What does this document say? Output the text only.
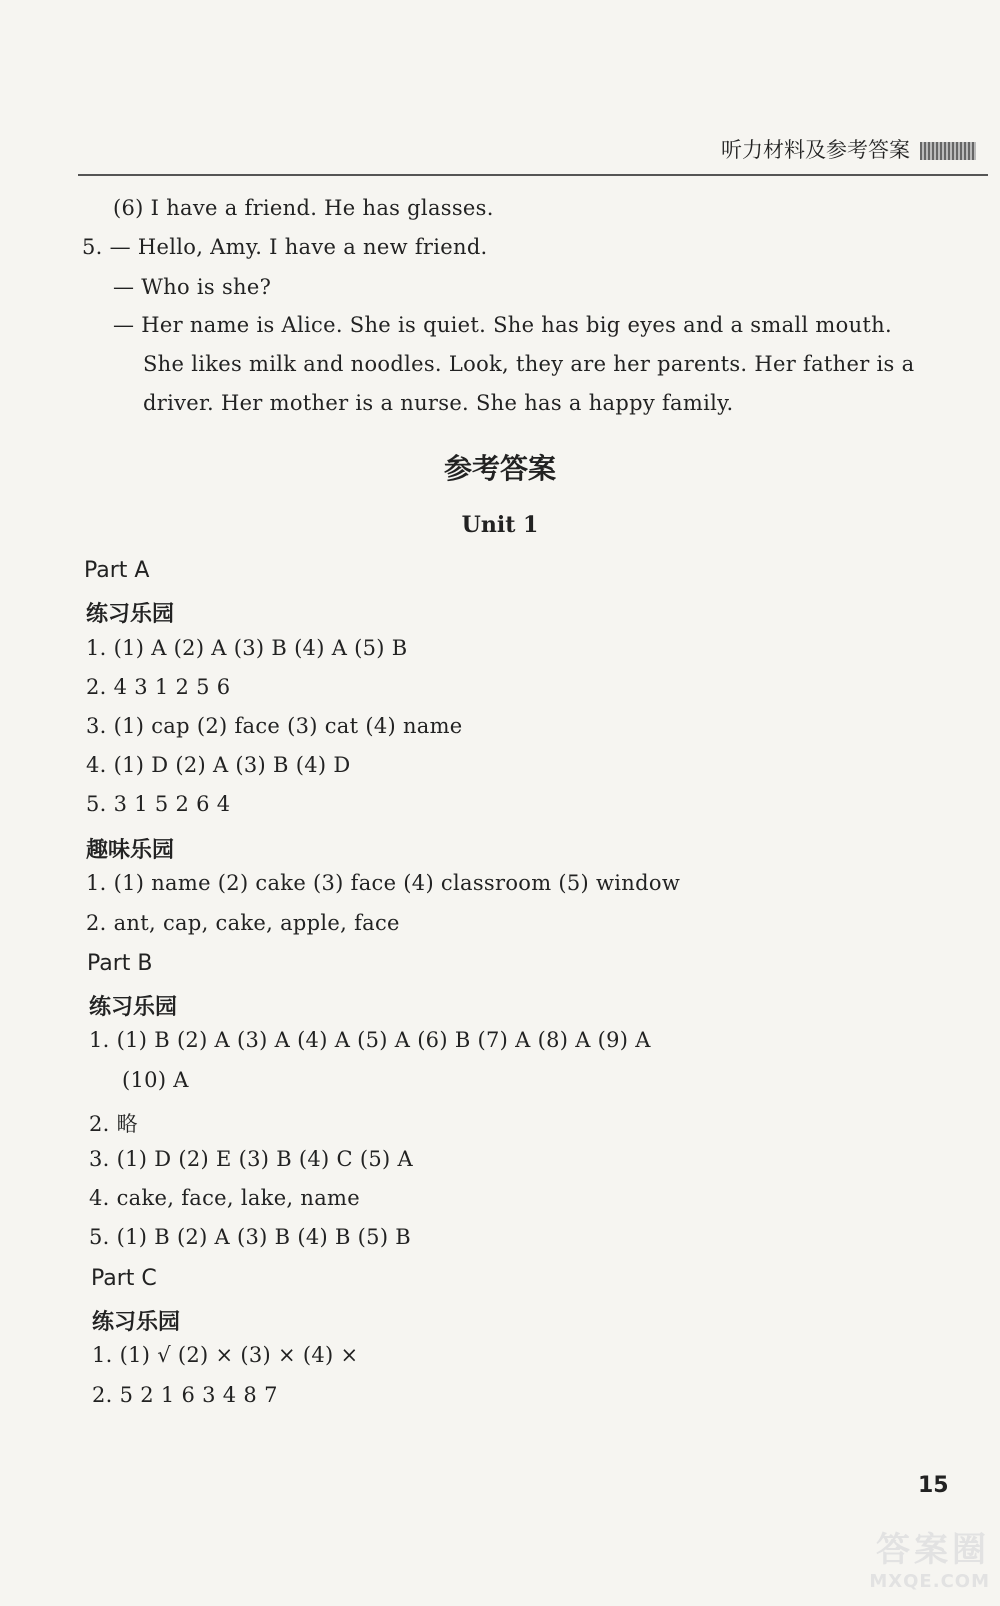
听力材料及参考答案
(6) I have a friend. He has glasses.
5. — Hello, Amy. I have a new friend.
— Who is she?
— Her name is Alice. She is quiet. She has big eyes and a small mouth.
She likes milk and noodles. Look, they are her parents. Her father is a
driver. Her mother is a nurse. She has a happy family.
参考答案
Unit 1
Part A
练习乐园
1. (1) A (2) A (3) B (4) A (5) B
2. 4 3 1 2 5 6
3. (1) cap (2) face (3) cat (4) name
4. (1) D (2) A (3) B (4) D
5. 3 1 5 2 6 4
趣味乐园
1. (1) name (2) cake (3) face (4) classroom (5) window
2. ant, cap, cake, apple, face
Part B
练习乐园
1. (1) B (2) A (3) A (4) A (5) A (6) B (7) A (8) A (9) A
(10) A
2. 略
3. (1) D (2) E (3) B (4) C (5) A
4. cake, face, lake, name
5. (1) B (2) A (3) B (4) B (5) B
Part C
练习乐园
1. (1) √ (2) × (3) × (4) ×
2. 5 2 1 6 3 4 8 7
15
答案圈
MXQE.COM
